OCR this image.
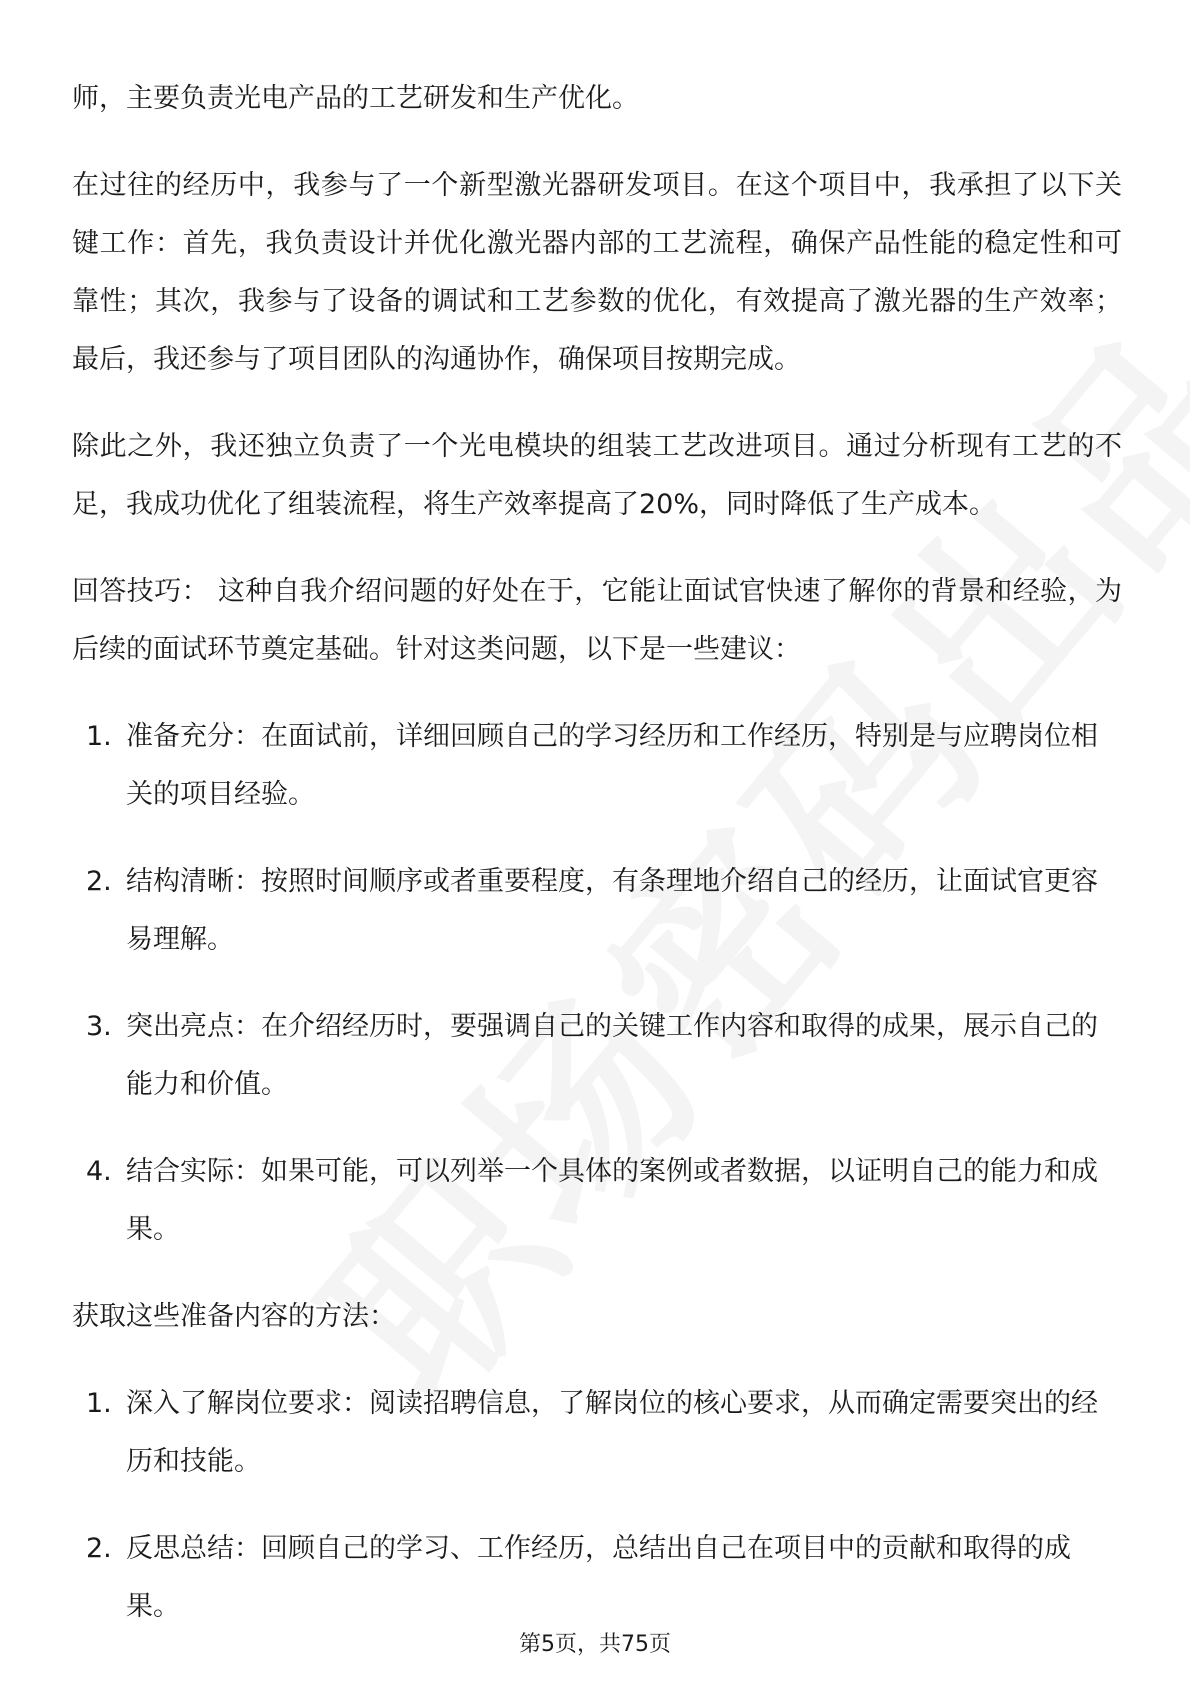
师，主要负责光电产品的工艺研发和生产优化。

在过往的经历中，我参与了一个新型激光器研发项目。在这个项目中，我承担了以下关键工作：首先，我负责设计并优化激光器内部的工艺流程，确保产品性能的稳定性和可靠性；其次，我参与了设备的调试和工艺参数的优化，有效提高了激光器的生产效率；最后，我还参与了项目团队的沟通协作，确保项目按期完成。

除此之外，我还独立负责了一个光电模块的组装工艺改进项目。通过分析现有工艺的不足，我成功优化了组装流程，将生产效率提高了20%，同时降低了生产成本。

回答技巧： 这种自我介绍问题的好处在于，它能让面试官快速了解你的背景和经验，为后续的面试环节奠定基础。针对这类问题，以下是一些建议：

1. 准备充分：在面试前，详细回顾自己的学习经历和工作经历，特别是与应聘岗位相关的项目经验。
2. 结构清晰：按照时间顺序或者重要程度，有条理地介绍自己的经历，让面试官更容易理解。
3. 突出亮点：在介绍经历时，要强调自己的关键工作内容和取得的成果，展示自己的能力和价值。
4. 结合实际：如果可能，可以列举一个具体的案例或者数据，以证明自己的能力和成果。

获取这些准备内容的方法：

1. 深入了解岗位要求：阅读招聘信息，了解岗位的核心要求，从而确定需要突出的经历和技能。
2. 反思总结：回顾自己的学习、工作经历，总结出自己在项目中的贡献和取得的成果。
第5页，共75页
